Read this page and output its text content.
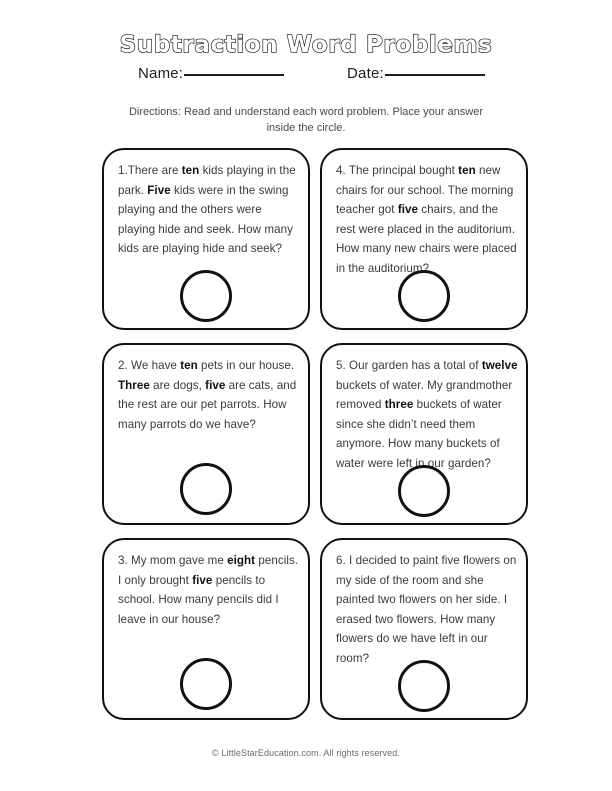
Subtraction Word Problems
Name:	Date:
Directions: Read and understand each word problem. Place your answer inside the circle.
1.There are ten kids playing in the park. Five kids were in the swing playing and the others were playing hide and seek. How many kids are playing hide and seek?
4. The principal bought ten new chairs for our school. The morning teacher got five chairs, and the rest were placed in the auditorium. How many new chairs were placed in the auditorium?
2. We have ten pets in our house. Three are dogs, five are cats, and the rest are our pet parrots. How many parrots do we have?
5. Our garden has a total of twelve buckets of water. My grandmother removed three buckets of water since she didn’t need them anymore. How many buckets of water were left in our garden?
3. My mom gave me eight pencils. I only brought five pencils to school. How many pencils did I leave in our house?
6. I decided to paint five flowers on my side of the room and she painted two flowers on her side. I erased two flowers. How many flowers do we have left in our room?
© LittleStarEducation.com. All rights reserved.
